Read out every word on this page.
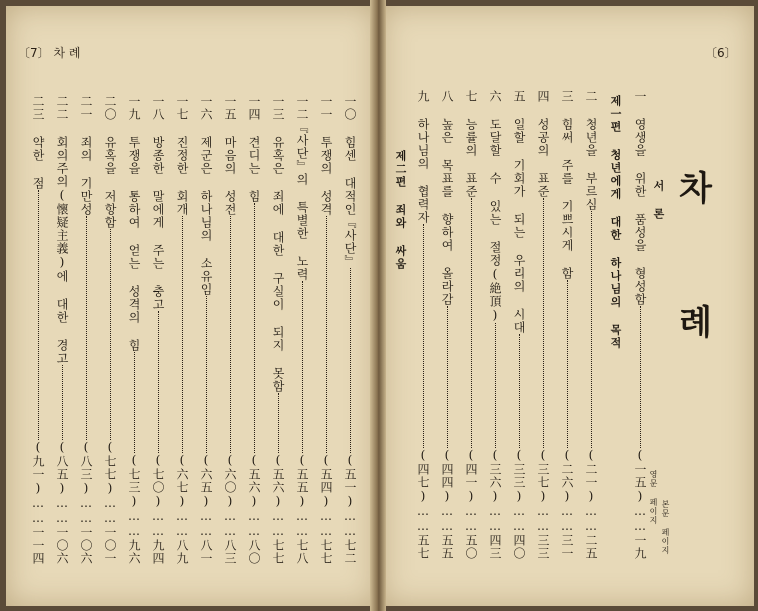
〔7〕 차 례	〔6〕
차 례
서 론
영문 페이지
본문 페이지
一 영생을 위한 품성을 형성함
(一五)……一九
제一편 청년에게 대한 하나님의 목적
二 청년을 부르심
(二一)……二五
三 힘써 주를 기쁘시게 함
(二六)……三一
四 성공의 표준
(三七)……三三
五 일할 기회가 되는 우리의 시대
(三三)……四〇
六 도달할 수 있는 절정(絶頂)
(三六)……四三
七 능률의 표준
(四一)……五〇
八 높은 목표를 향하여 올라감
(四四)……五五
九 하나님의 협력자
(四七)……五七
제二편 죄와 싸움
一〇 힘센 대적인『사단』
(五一)……七二
一一 투쟁의 성격
(五四)……七七
一二『사단』의 특별한 노력
(五五)……七八
一三 유혹은 죄에 대한 구실이 되지 못함
(五六)……七七
一四 견디는 힘
(五六)……八〇
一五 마음의 성전
(六〇)……八三
一六 제군은 하나님의 소유임
(六五)……八一
一七 진정한 회개
(六七)……八九
一八 방종한 말에게 주는 충고
(七〇)……九四
一九 투쟁을 통하여 얻는 성격의 힘
(七三)……九六
二〇 유혹을 저항함
(七七)……一〇一
二一 죄의 기만성
(八三)……一〇六
二二 회의주의(懷疑主義)에 대한 경고
(八五)……一〇六
二三 약한 점
(九一)……一一四
